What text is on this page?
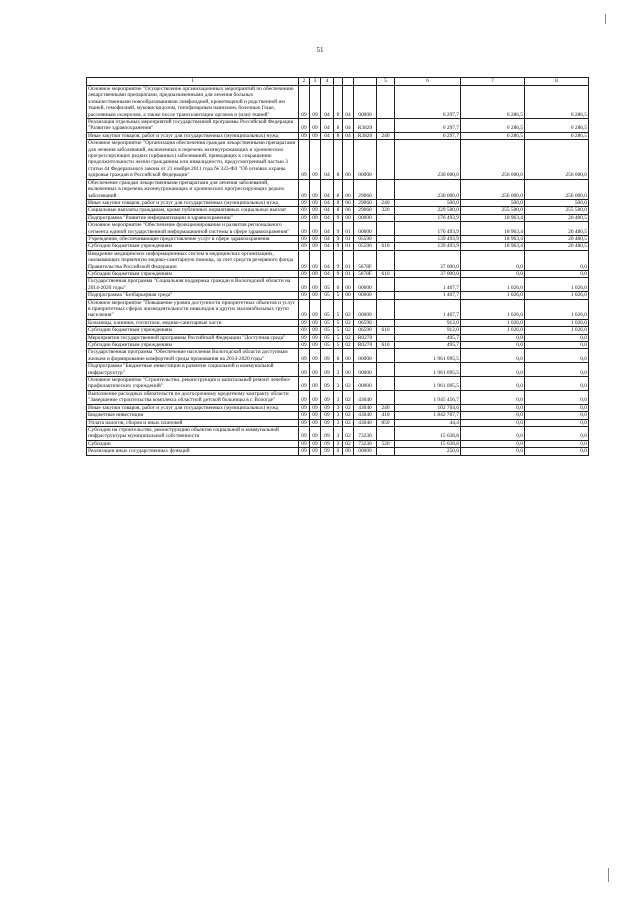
51
1	2	3	4				5	6	7	8
Основное мероприятие "Осуществление организационных мероприятий по обеспечению лекарственными препаратами, предназначенными для лечения больных злокачественными новообразованиями лимфоидной, кроветворной и родственной им тканей, гемофилией, муковисцидозом, гипофизарным нанизмом, болезнью Гоше, рассеянным склерозом, а также после трансплантации органов и (или) тканей"	09	09	04	8	04	00000		6 297,7	6 286,5	6 286,5
Реализация отдельных мероприятий государственной программы Российской Федерации "Развитие здравоохранения"	09	09	04	8	04	R3820		6 297,7	6 286,5	6 286,5
Иные закупки товаров, работ и услуг для государственных (муниципальных) нужд	09	09	04	8	04	R3820	240	6 297,7	6 286,5	6 286,5
Основное мероприятие "Организация обеспечения граждан лекарственными препаратами для лечения заболеваний, включенных в перечень жизнеугрожающих и хронических прогрессирующих редких (орфанных) заболеваний, приводящих к сокращению продолжительности жизни гражданина или инвалидности, предусмотренный частью 3 статьи 44 Федерального закона от 21 ноября 2011 года № 323-ФЗ "Об основах охраны здоровья граждан в Российской Федерации"	09	09	04	8	06	00000		230 000,0	256 000,0	256 000,0
Обеспечение граждан лекарственными препаратами для лечения заболеваний, включенных в перечень жизнеугрожающих и хронических прогрессирующих редких заболеваний	09	09	04	8	06	29060		230 000,0	256 000,0	256 000,0
Иные закупки товаров, работ и услуг для государственных (муниципальных) нужд	09	09	04	8	06	29060	240	500,0	500,0	500,0
Социальные выплаты гражданам, кроме публичных нормативных социальных выплат	09	09	04	8	06	29060	320	229 500,0	255 500,0	255 500,0
Подпрограмма "Развитие информатизации в здравоохранении"	09	09	04	9	00	00000		176 493,9	18 963,4	20 480,5
Основное мероприятие "Обеспечение функционирования и развития регионального сегмента единой государственной информационной системы в сфере здравоохранения"	09	09	04	9	01	00000		176 493,9	18 963,4	20 480,5
Учреждения, обеспечивающие предоставление услуг в сфере здравоохранения	09	09	04	9	01	05590		139 493,9	18 963,4	20 480,5
Субсидии бюджетным учреждениям	09	09	04	9	01	05590	610	139 493,9	18 963,4	20 480,5
Внедрение медицинских информационных систем в медицинских организациях, оказывающих первичную медико-санитарную помощь, за счет средств резервного фонда Правительства Российской Федерации	09	09	04	9	01	5678F		37 000,0	0,0	0,0
Субсидии бюджетным учреждениям	09	09	04	9	01	5678F	610	37 000,0	0,0	0,0
Государственная программа "Социальная поддержка граждан в Вологодской области на 2014-2020 годы"	09	09	05	0	00	00000		1 407,7	1 026,0	1 026,0
Подпрограмма "Безбарьерная среда"	09	09	05	5	00	00000		1 407,7	1 026,0	1 026,0
Основное мероприятие "Повышение уровня доступности приоритетных объектов и услуг в приоритетных сферах жизнедеятельности инвалидов и других маломобильных групп населения"	09	09	05	5	02	00000		1 407,7	1 026,0	1 026,0
Больницы, клиники, госпитали, медико-санитарные части	09	09	05	5	02	06590		912,0	1 026,0	1 026,0
Субсидии бюджетным учреждениям	09	09	05	5	02	06590	610	912,0	1 026,0	1 026,0
Мероприятия государственной программы Российской Федерации "Доступная среда"	09	09	05	5	02	R0270		495,7	0,0	0,0
Субсидии бюджетным учреждениям	09	09	05	5	02	R0270	610	495,7	0,0	0,0
Государственная программа "Обеспечение населения Вологодской области доступным жильем и формирование комфортной среды проживания на 2014-2020 годы"	09	09	09	0	00	00000		1 961 095,5	0,0	0,0
Подпрограмма "Бюджетные инвестиции в развитие социальной и коммунальной инфраструктур"	09	09	09	3	00	00000		1 961 095,5	0,0	0,0
Основное мероприятие "Строительство, реконструкция и капитальный ремонт лечебно-профилактических учреждений"	09	09	09	3	02	00000		1 961 095,5	0,0	0,0
Выполнение расходных обязательств по долгосрочному кредитному контракту области "Завершение строительства комплекса областной детской больницы в г. Вологде"	09	09	09	3	02	43040		1 945 456,7	0,0	0,0
Иные закупки товаров, работ и услуг для государственных (муниципальных) нужд	09	09	09	3	02	43040	240	102 704,6	0,0	0,0
Бюджетные инвестиции	09	09	09	3	02	43040	410	1 842 707,7	0,0	0,0
Уплата налогов, сборов и иных платежей	09	09	09	3	02	43040	850	44,4	0,0	0,0
Субсидии на строительство, реконструкцию объектов социальной и коммунальной инфраструктуры муниципальной собственности	09	09	09	3	02	73230		15 638,8	0,0	0,0
Субсидии	09	09	09	3	02	73230	520	15 638,8	0,0	0,0
Реализация иных государственных функций	09	09	99	0	00	00000		250,0	0,0	0,0
